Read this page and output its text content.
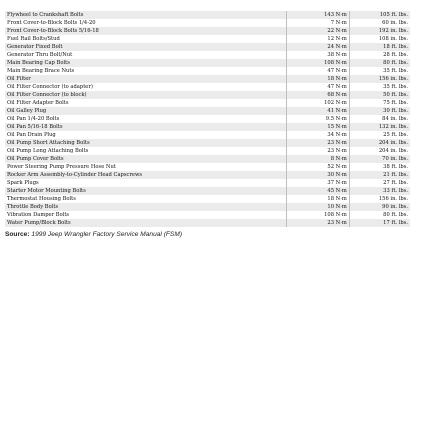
Flywheel to Crankshaft Bolts	143 N·m	105 ft. lbs.
Front Cover-to-Block Bolts 1/4-20	7 N·m	60 in. lbs.
Front Cover-to-Block Bolts 5/16-18	22 N·m	192 in. lbs.
Fuel Rail Bolts/Stud	12 N·m	108 in. lbs.
Generator Fixed Bolt	24 N·m	18 ft. lbs.
Generator Thru Bolt/Nut	38 N·m	28 ft. lbs.
Main Bearing Cap Bolts	108 N·m	80 ft. lbs.
Main Bearing Brace Nuts	47 N·m	35 ft. lbs.
Oil Filter	18 N·m	156 in. lbs.
Oil Filter Connector (to adapter)	47 N·m	35 ft. lbs.
Oil Filter Connector (to block)	68 N·m	50 ft. lbs.
Oil Filter Adapter Bolts	102 N·m	75 ft. lbs.
Oil Galley Plug	41 N·m	30 ft. lbs.
Oil Pan 1/4-20 Bolts	9.5 N·m	84 in. lbs.
Oil Pan 5/16-18 Bolts	15 N·m	132 in. lbs.
Oil Pan Drain Plug	34 N·m	25 ft. lbs.
Oil Pump Short Attaching Bolts	23 N·m	204 in. lbs.
Oil Pump Long Attaching Bolts	23 N·m	204 in. lbs.
Oil Pump Cover Bolts	8 N·m	70 in. lbs.
Power Steering Pump Pressure Hose Nut	52 N·m	38 ft. lbs.
Rocker Arm Assembly-to-Cylinder Head Capscrews	30 N·m	21 ft. lbs.
Spark Plugs	37 N·m	27 ft. lbs.
Starter Motor Mounting Bolts	45 N·m	33 ft. lbs.
Thermostat Housing Bolts	18 N·m	156 in. lbs.
Throttle Body Bolts	10 N·m	90 in. lbs.
Vibration Damper Bolts	108 N·m	80 ft. lbs.
Water Pump/Block Bolts	23 N·m	17 ft. lbs.
Source: 1999 Jeep Wrangler Factory Service Manual (FSM)
